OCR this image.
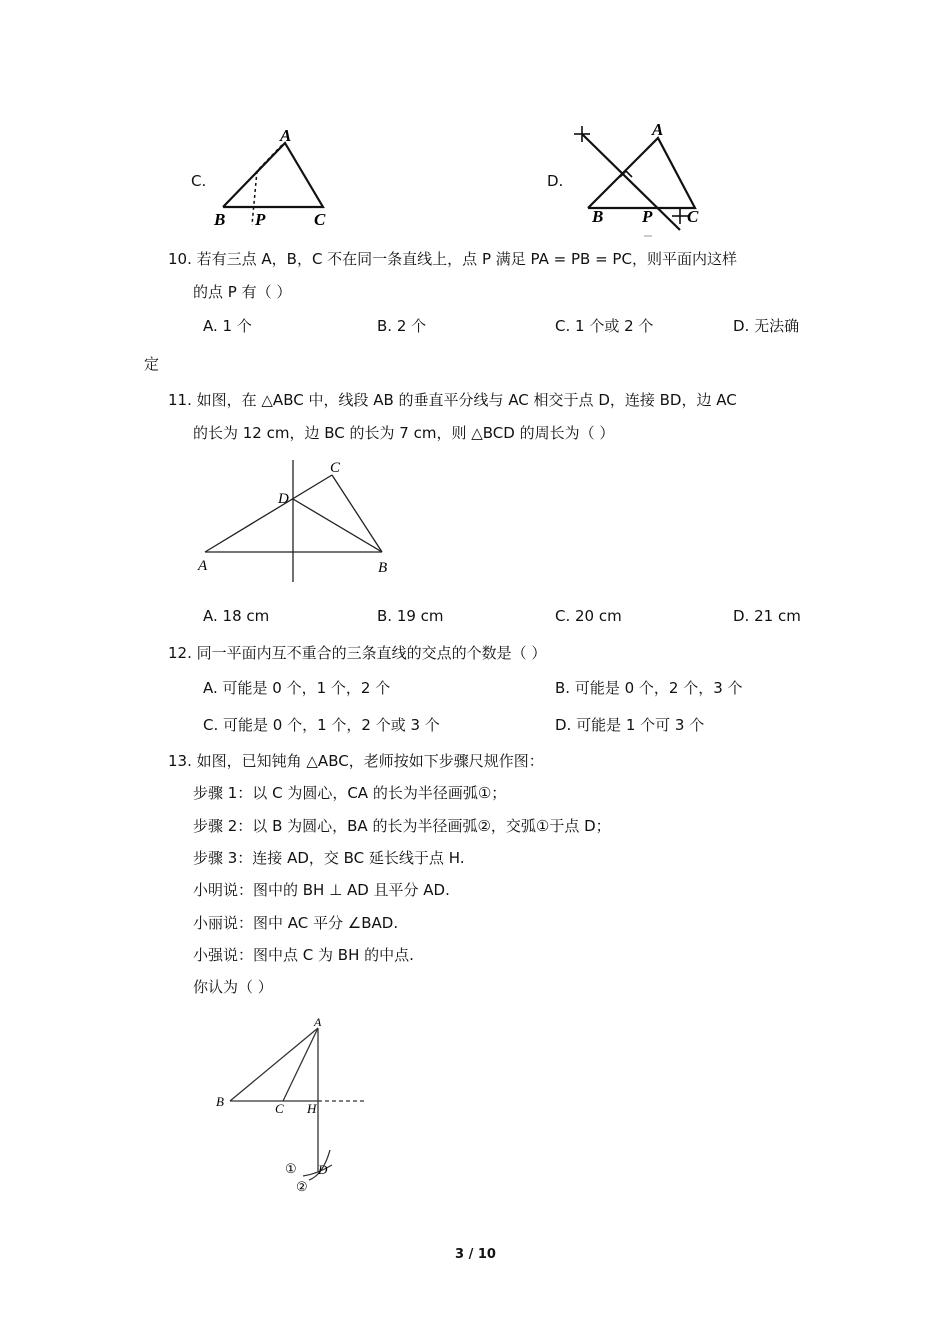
C.
A
B P	C
D.
A
B P C
10. 若有三点 A，B，C 不在同一条直线上，点 P 满足 PA = PB = PC，则平面内这样
的点 P 有（ ）
A. 1 个	B. 2 个	C. 1 个或 2 个	D. 无法确
定
11. 如图，在 △ABC 中，线段 AB 的垂直平分线与 AC 相交于点 D，连接 BD，边 AC
的长为 12 cm，边 BC 的长为 7 cm，则 △BCD 的周长为（ ）
C
D
A	B
A. 18 cm	B. 19 cm	C. 20 cm	D. 21 cm
12. 同一平面内互不重合的三条直线的交点的个数是（ ）
A. 可能是 0 个，1 个，2 个	B. 可能是 0 个，2 个，3 个
C. 可能是 0 个，1 个，2 个或 3 个	D. 可能是 1 个可 3 个
13. 如图，已知钝角 △ABC，老师按如下步骤尺规作图：
步骤 1：以 C 为圆心，CA 的长为半径画弧①；
步骤 2：以 B 为圆心，BA 的长为半径画弧②，交弧①于点 D；
步骤 3：连接 AD，交 BC 延长线于点 H.
小明说：图中的 BH ⊥ AD 且平分 AD.
小丽说：图中 AC 平分 ∠BAD.
小强说：图中点 C 为 BH 的中点.
你认为（ ）
A
B	C H
D
①
②
3 / 10
